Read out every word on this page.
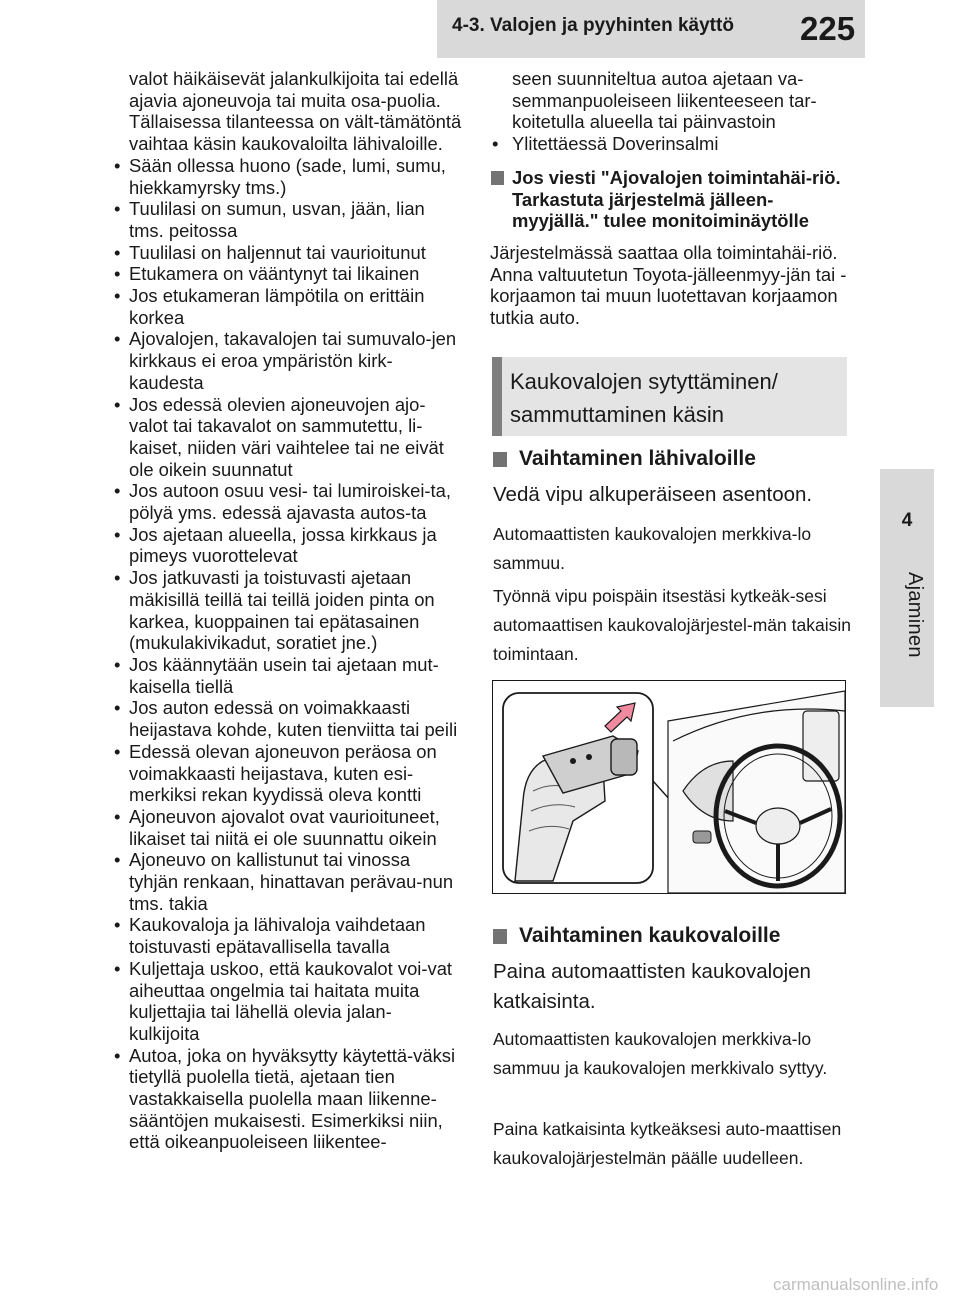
4-3. Valojen ja pyyhinten käyttö 225
4
Ajaminen

valot häikäisevät jalankulkijoita tai edellä ajavia ajoneuvoja tai muita osa-puolia. Tällaisessa tilanteessa on vält-tämätöntä vaihtaa käsin kaukovaloilta lähivaloille.

• Sään ollessa huono (sade, lumi, sumu, hiekkamyrsky tms.)
• Tuulilasi on sumun, usvan, jään, lian tms. peitossa
• Tuulilasi on haljennut tai vaurioitunut
• Etukamera on vääntynyt tai likainen
• Jos etukameran lämpötila on erittäin korkea
• Ajovalojen, takavalojen tai sumuvalo-jen kirkkaus ei eroa ympäristön kirk-kaudesta
• Jos edessä olevien ajoneuvojen ajo-valot tai takavalot on sammutettu, li-kaiset, niiden väri vaihtelee tai ne eivät ole oikein suunnatut
• Jos autoon osuu vesi- tai lumiroiskei-ta, pölyä yms. edessä ajavasta autos-ta
• Jos ajetaan alueella, jossa kirkkaus ja pimeys vuorottelevat
• Jos jatkuvasti ja toistuvasti ajetaan mäkisillä teillä tai teillä joiden pinta on karkea, kuoppainen tai epätasainen (mukulakivikadut, soratiet jne.)
• Jos käännytään usein tai ajetaan mut-kaisella tiellä
• Jos auton edessä on voimakkaasti heijastava kohde, kuten tienviitta tai peili
• Edessä olevan ajoneuvon peräosa on voimakkaasti heijastava, kuten esi-merkiksi rekan kyydissä oleva kontti
• Ajoneuvon ajovalot ovat vaurioituneet, likaiset tai niitä ei ole suunnattu oikein
• Ajoneuvo on kallistunut tai vinossa tyhjän renkaan, hinattavan perävau-nun tms. takia
• Kaukovaloja ja lähivaloja vaihdetaan toistuvasti epätavallisella tavalla
• Kuljettaja uskoo, että kaukovalot voi-vat aiheuttaa ongelmia tai haitata muita kuljettajia tai lähellä olevia jalan-kulkijoita
• Autoa, joka on hyväksytty käytettä-väksi tietyllä puolella tietä, ajetaan tien vastakkaisella puolella maan liikenne-sääntöjen mukaisesti. Esimerkiksi niin, että oikeanpuoleiseen liikentee-

seen suunniteltua autoa ajetaan va-semmanpuoleiseen liikenteeseen tar-koitetulla alueella tai päinvastoin

• Ylitettäessä Doverinsalmi
Jos viesti "Ajovalojen toimintahäi-riö. Tarkastuta järjestelmä jälleen-myyjällä." tulee monitoiminäytölle

Järjestelmässä saattaa olla toimintahäi-riö. Anna valtuutetun Toyota-jälleenmyy-jän tai -korjaamon tai muun luotettavan korjaamon tutkia auto.

Kaukovalojen sytyttäminen/
sammuttaminen käsin
Vaihtaminen lähivaloille
Vedä vipu alkuperäiseen asentoon.
Automaattisten kaukovalojen merkkiva-lo sammuu.
Työnnä vipu poispäin itsestäsi kytkeäk-sesi automaattisen kaukovalojärjestel-män takaisin toimintaan.
Vaihtaminen kaukovaloille
Paina automaattisten kaukovalojen katkaisinta.
Automaattisten kaukovalojen merkkiva-lo sammuu ja kaukovalojen merkkivalo syttyy.
Paina katkaisinta kytkeäksesi auto-maattisen kaukovalojärjestelmän päälle uudelleen.
carmanualsonline.info
